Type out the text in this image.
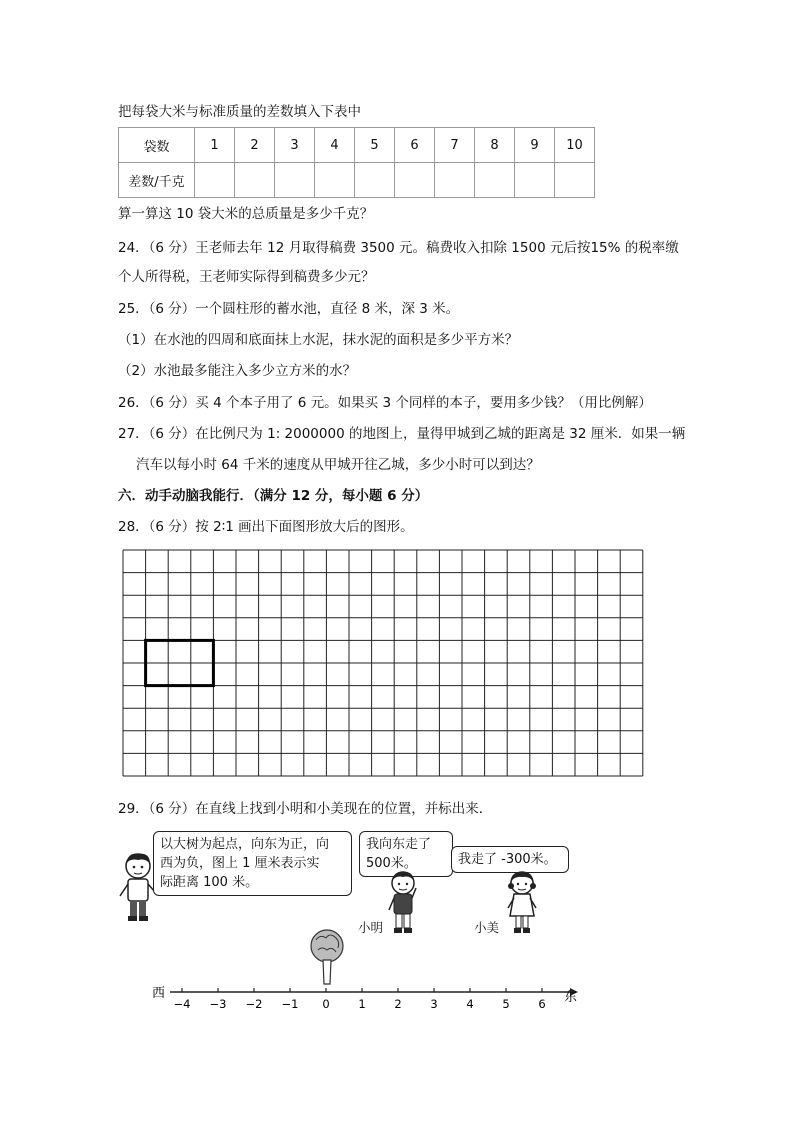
把每袋大米与标准质量的差数填入下表中
袋数	1	2	3	4	5	6	7	8	9	10
差数/千克										
算一算这 10 袋大米的总质量是多少千克？
24．（6 分）王老师去年 12 月取得稿费 3500 元。稿费收入扣除 1500 元后按15% 的税率缴
个人所得税，王老师实际得到稿费多少元？
25．（6 分）一个圆柱形的蓄水池，直径 8 米，深 3 米。
（1）在水池的四周和底面抹上水泥，抹水泥的面积是多少平方米？
（2）水池最多能注入多少立方米的水？
26．（6 分）买 4 个本子用了 6 元。如果买 3 个同样的本子，要用多少钱？（用比例解）
27．（6 分）在比例尺为 1: 2000000 的地图上，量得甲城到乙城的距离是 32 厘米．如果一辆
汽车以每小时 64 千米的速度从甲城开往乙城，多少小时可以到达？
六．动手动脑我能行．（满分 12 分，每小题 6 分）
28．（6 分）按 2∶1 画出下面图形放大后的图形。
29．（6 分）在直线上找到小明和小美现在的位置，并标出来．
以大树为起点，向东为正，向
西为负，图上 1 厘米表示实
际距离 100 米。
我向东走了
500米。	我走了 -300米。
小明	小美
西	东
−4 −3 −2 −1 0 1 2 3 4 5 6
